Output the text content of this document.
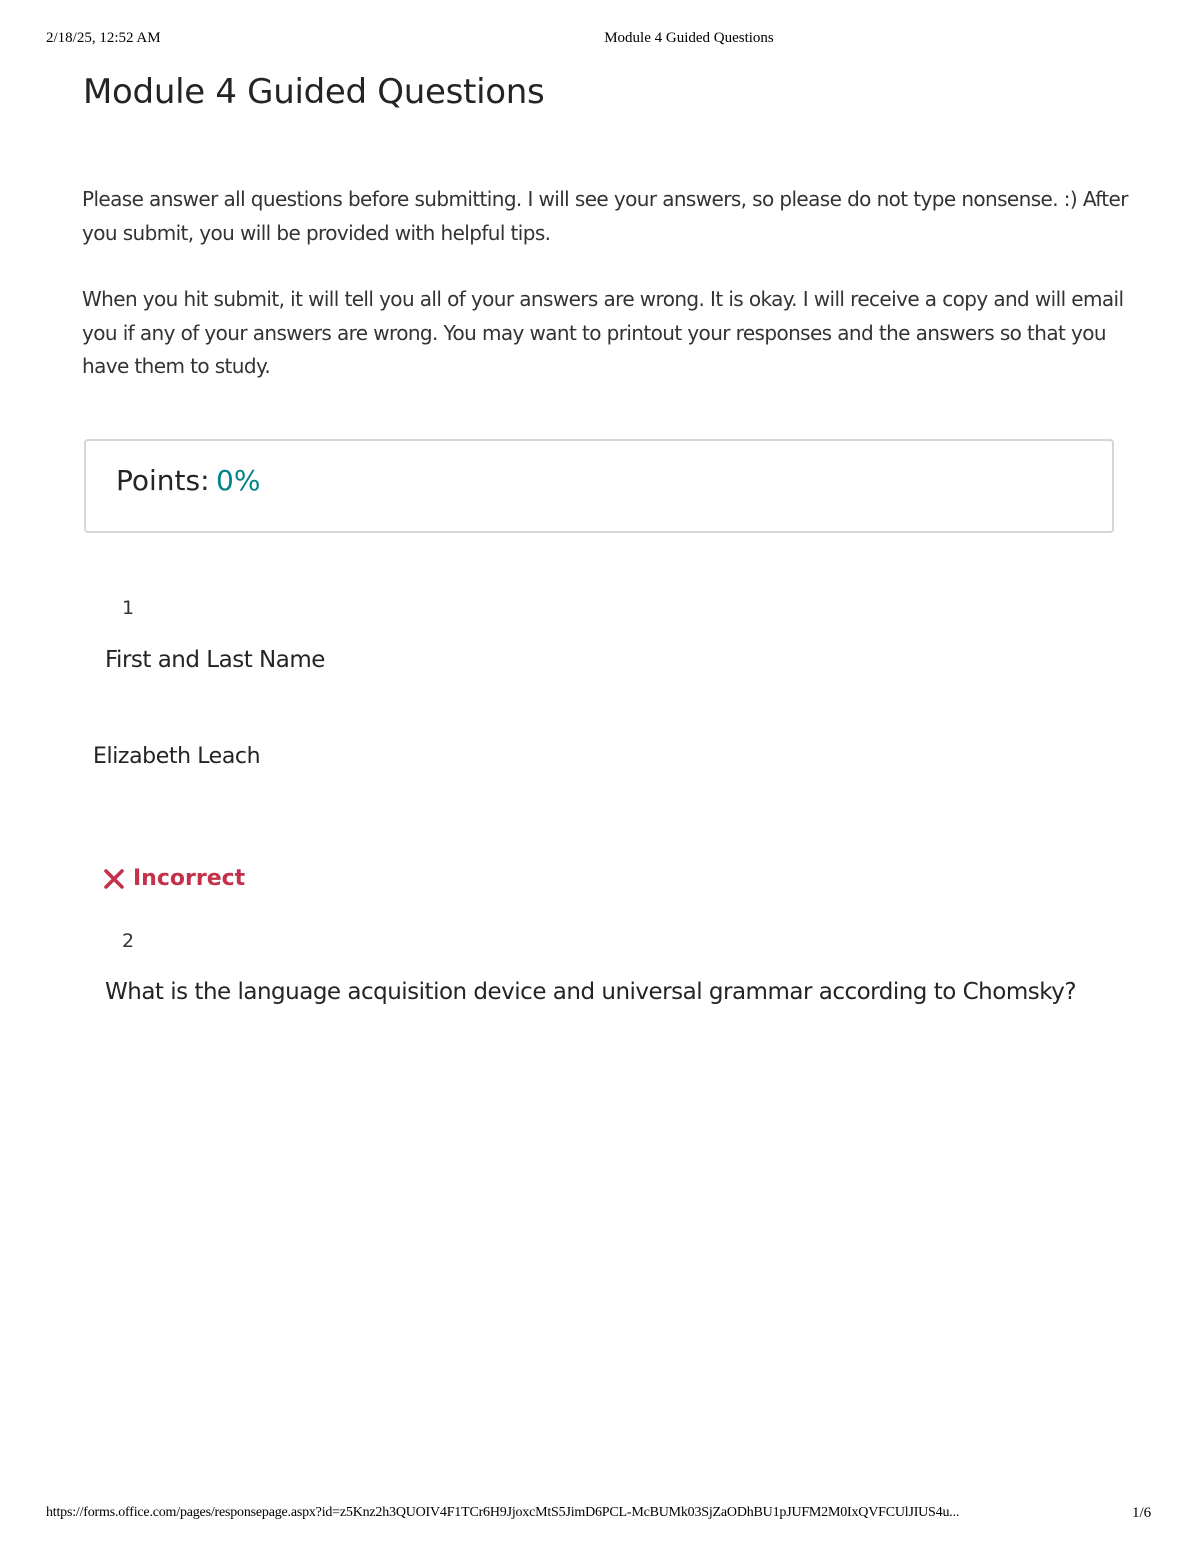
2/18/25, 12:52 AM	Module 4 Guided Questions
Module 4 Guided Questions

Please answer all questions before submitting. I will see your answers, so please do not type nonsense. :) After you submit, you will be provided with helpful tips.

When you hit submit, it will tell you all of your answers are wrong. It is okay. I will receive a copy and will email you if any of your answers are wrong. You may want to printout your responses and the answers so that you have them to study.

Points: 0%
1
First and Last Name
Elizabeth Leach
Incorrect
2
What is the language acquisition device and universal grammar according to Chomsky?
https://forms.office.com/pages/responsepage.aspx?id=z5Knz2h3QUOIV4F1TCr6H9JjoxcMtS5JimD6PCL-McBUMk03SjZaODhBU1pJUFM2M0IxQVFCUlJIUS4u...	1/6
